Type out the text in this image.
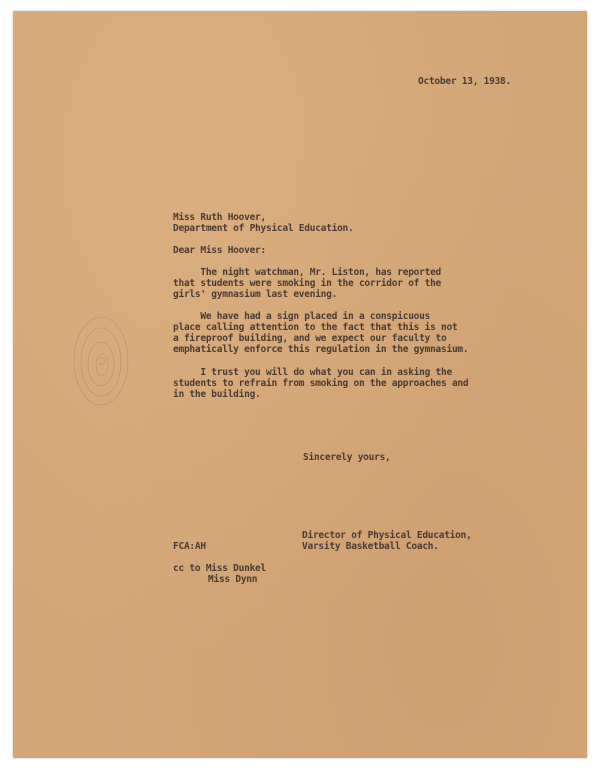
October 13, 1938.
Miss Ruth Hoover,
Department of Physical Education.
Dear Miss Hoover:
The night watchman, Mr. Liston, has reported
that students were smoking in the corridor of the
girls' gymnasium last evening.
We have had a sign placed in a conspicuous
place calling attention to the fact that this is not
a fireproof building, and we expect our faculty to
emphatically enforce this regulation in the gymnasium.
I trust you will do what you can in asking the
students to refrain from smoking on the approaches and
in the building.
Sincerely yours,
Director of Physical Education,
Varsity Basketball Coach.
FCA:AH
cc to Miss Dunkel
Miss Dynn
